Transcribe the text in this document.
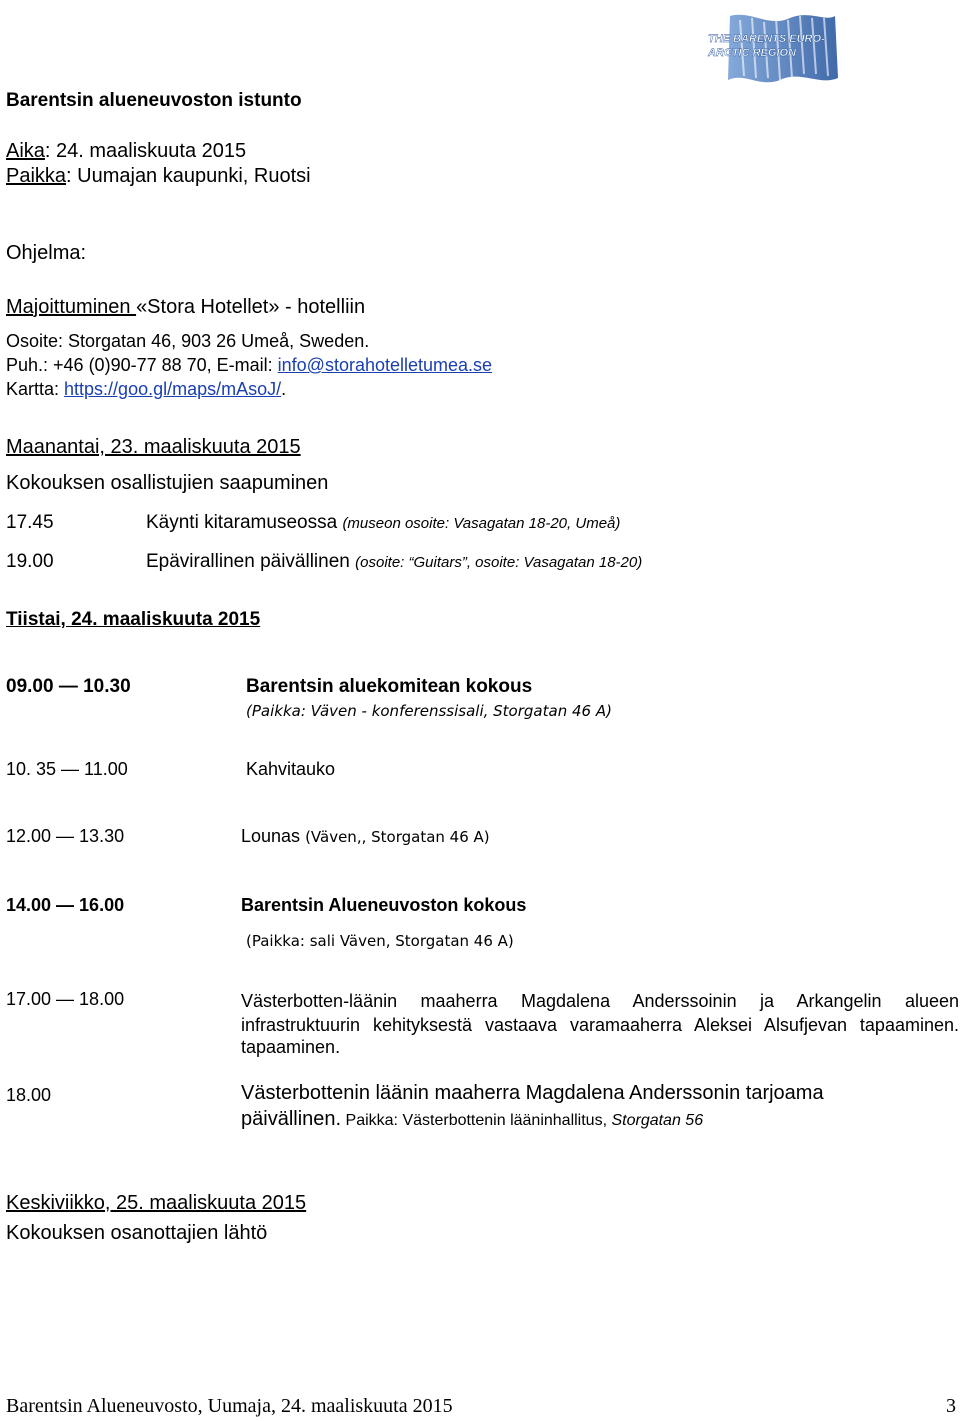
THE BARENTS EURO-
ARCTIC REGION
Barentsin alueneuvoston istunto
Aika: 24. maaliskuuta 2015
Paikka: Uumajan kaupunki, Ruotsi
Ohjelma:
Majoittuminen «Stora Hotellet» - hotelliin
Osoite: Storgatan 46, 903 26 Umeå, Sweden.
Puh.: +46 (0)90-77 88 70, E-mail: info@storahotelletumea.se
Kartta: https://goo.gl/maps/mAsoJ/.
Maanantai, 23. maaliskuuta 2015
Kokouksen osallistujien saapuminen
17.45	Käynti kitaramuseossa (museon osoite: Vasagatan 18-20, Umeå)
19.00	Epävirallinen päivällinen (osoite: “Guitars”, osoite: Vasagatan 18-20)
Tiistai, 24. maaliskuuta 2015
09.00 — 10.30	Barentsin aluekomitean kokous
(Paikka: Väven - konferenssisali, Storgatan 46 A)
10. 35 — 11.00	Kahvitauko
12.00 — 13.30	Lounas (Väven,, Storgatan 46 A)
14.00 — 16.00	Barentsin Alueneuvoston kokous
(Paikka: sali Väven, Storgatan 46 A)
17.00 — 18.00	Västerbotten-läänin maaherra Magdalena Anderssoinin ja Arkangelin alueen infrastruktuurin kehityksestä vastaava varamaaherra Aleksei Alsufjevan tapaaminen.
tapaaminen.
18.00	Västerbottenin läänin maaherra Magdalena Anderssonin tarjoama
päivällinen. Paikka: Västerbottenin lääninhallitus, Storgatan 56
Keskiviikko, 25. maaliskuuta 2015
Kokouksen osanottajien lähtö
Barentsin Alueneuvosto, Uumaja, 24. maaliskuuta 2015	3
